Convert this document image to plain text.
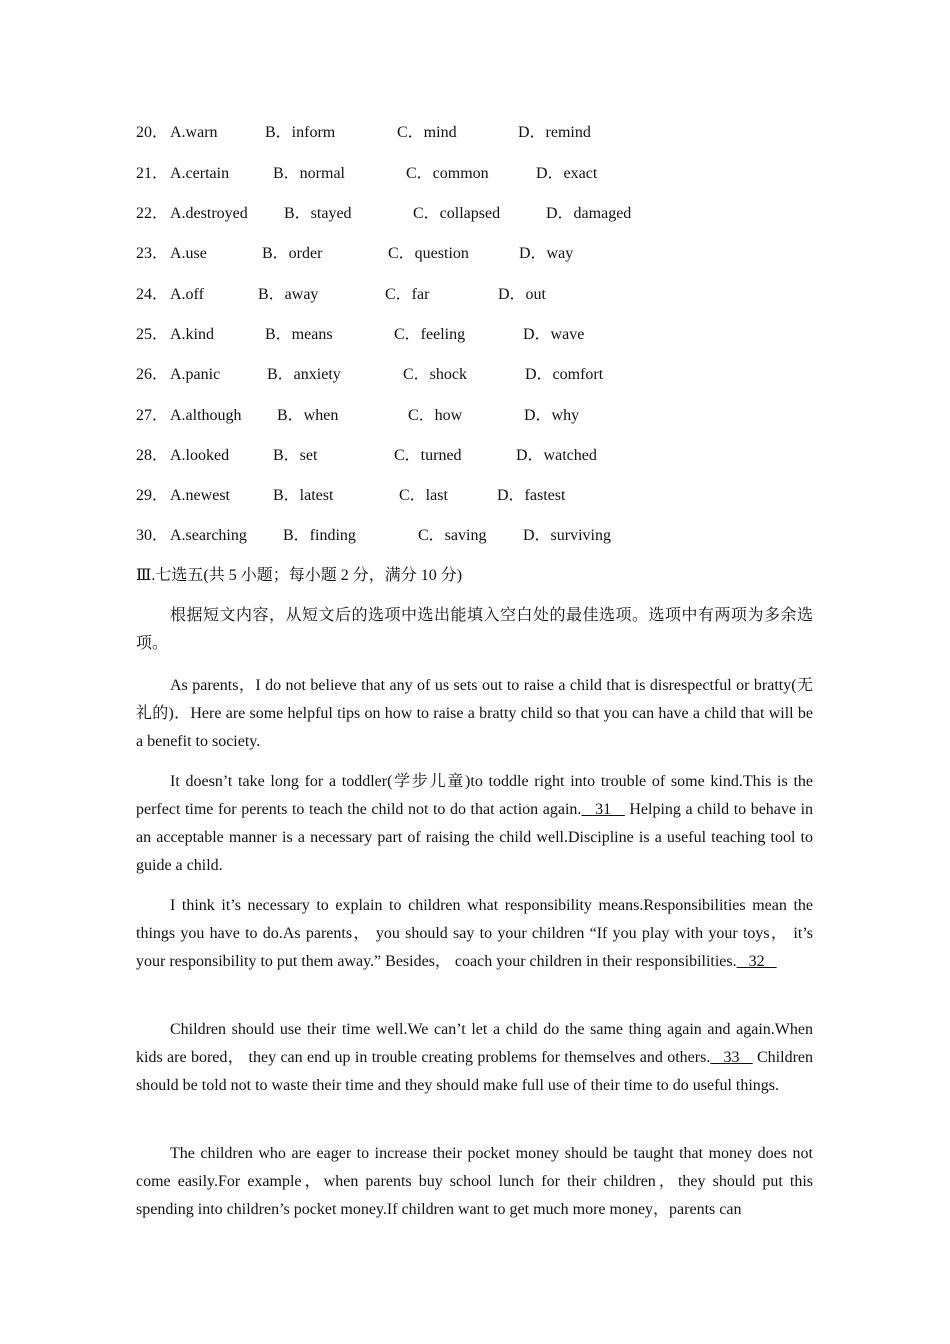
20． A.warn	B．inform	C．mind	D．remind
21． A.certain	B．normal	C．common	D．exact
22． A.destroyed B．stayed	C．collapsed	D．damaged
23． A.use	B．order	C．question	D．way
24． A.off	B．away	C．far	D．out
25． A.kind	B．means	C．feeling	D．wave
26． A.panic	B．anxiety	C．shock	D．comfort
27． A.although B．when	C．how	D．why
28． A.looked	B．set	C．turned	D．watched
29． A.newest	B．latest	C．last	D．fastest
30． A.searching B．finding	C．saving D．surviving
Ⅲ.七选五(共 5 小题；每小题 2 分，满分 10 分)
根据短文内容，从短文后的选项中选出能填入空白处的最佳选项。选项中有两项为多余选项。
As parents，I do not believe that any of us sets out to raise a child that is disrespectful or bratty(无礼的)．Here are some helpful tips on how to raise a bratty child so that you can have a child that will be a benefit to society.
It doesn’t take long for a toddler(学步儿童)to toddle right into trouble of some kind.This is the perfect time for perents to teach the child not to do that action again.   31    Helping a child to behave in an acceptable manner is a necessary part of raising the child well.Discipline is a useful teaching tool to guide a child.
I think it’s necessary to explain to children what responsibility means.Responsibilities mean the things you have to do.As parents， you should say to your children “If you play with your toys， it’s your responsibility to put them away.” Besides， coach your children in their responsibilities.   32
Children should use their time well.We can’t let a child do the same thing again and again.When kids are bored， they can end up in trouble creating problems for themselves and others.   33    Children should be told not to waste their time and they should make full use of their time to do useful things.
The children who are eager to increase their pocket money should be taught that money does not come easily.For example，when parents buy school lunch for their children，they should put this spending into children’s pocket money.If children want to get much more money，parents can
